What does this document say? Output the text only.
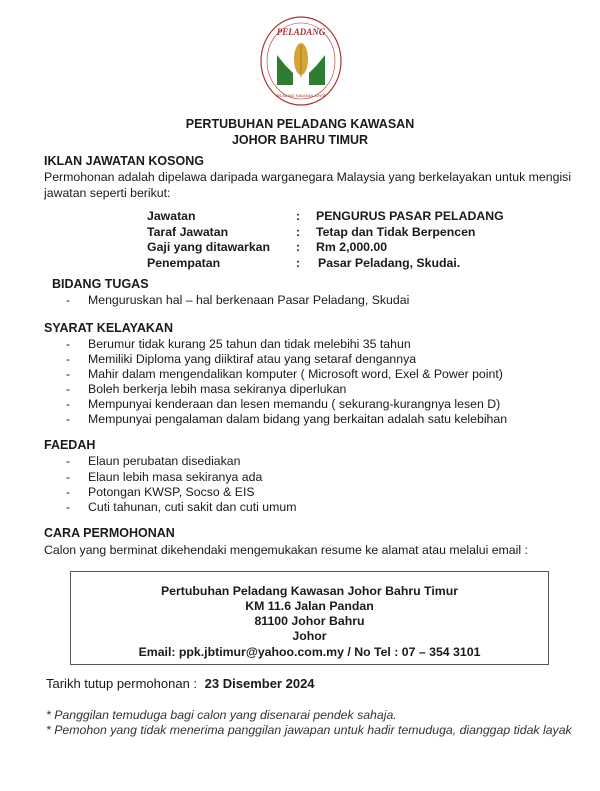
PELADANG
PELADANG KAWASAN JOHOR
PERTUBUHAN PELADANG KAWASAN
JOHOR BAHRU TIMUR
IKLAN JAWATAN KOSONG
Permohonan adalah dipelawa daripada warganegara Malaysia yang berkelayakan untuk mengisi
jawatan seperti berikut:
Jawatan	: PENGURUS PASAR PELADANG
Taraf Jawatan	: Tetap dan Tidak Berpencen
Gaji yang ditawarkan : Rm 2,000.00
Penempatan	: Pasar Peladang, Skudai.
BIDANG TUGAS
- Menguruskan hal – hal berkenaan Pasar Peladang, Skudai
SYARAT KELAYAKAN
- Berumur tidak kurang 25 tahun dan tidak melebihi 35 tahun
- Memiliki Diploma yang diiktiraf atau yang setaraf dengannya
- Mahir dalam mengendalikan komputer ( Microsoft word, Exel & Power point)
- Boleh berkerja lebih masa sekiranya diperlukan
- Mempunyai kenderaan dan lesen memandu ( sekurang-kurangnya lesen D)
- Mempunyai pengalaman dalam bidang yang berkaitan adalah satu kelebihan
FAEDAH
- Elaun perubatan disediakan
- Elaun lebih masa sekiranya ada
- Potongan KWSP, Socso & EIS
- Cuti tahunan, cuti sakit dan cuti umum
CARA PERMOHONAN
Calon yang berminat dikehendaki mengemukakan resume ke alamat atau melalui email :
Pertubuhan Peladang Kawasan Johor Bahru Timur
KM 11.6 Jalan Pandan
81100 Johor Bahru
Johor
Email: ppk.jbtimur@yahoo.com.my / No Tel : 07 – 354 3101
Tarikh tutup permohonan : 23 Disember 2024
* Panggilan temuduga bagi calon yang disenarai pendek sahaja.
* Pemohon yang tidak menerima panggilan jawapan untuk hadir temuduga, dianggap tidak layak
